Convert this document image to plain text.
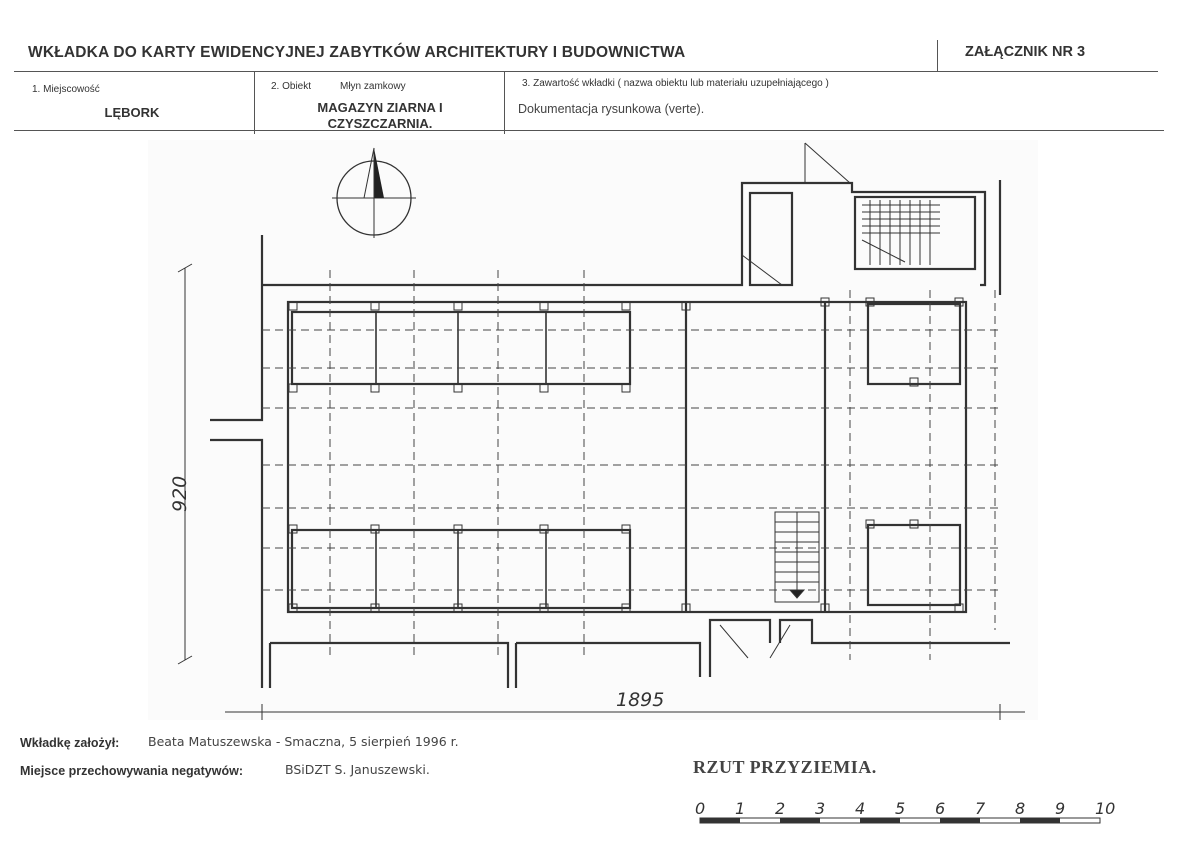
WKŁADKA DO KARTY EWIDENCYJNEJ ZABYTKÓW ARCHITEKTURY I BUDOWNICTWA	ZAŁĄCZNIK NR 3
1. Miejscowość
LĘBORK
2. Obiekt	Młyn zamkowy
MAGAZYN ZIARNA I
CZYSZCZARNIA.
3. Zawartość wkładki ( nazwa obiektu lub materiału uzupełniającego )
Dokumentacja rysunkowa (verte).
920
1895
0 1 2 3 4 5 6 7 8 9 10
RZUT PRZYZIEMIA.
Wkładkę założył: Beata Matuszewska - Smaczna, 5 sierpień 1996 r.
Miejsce przechowywania negatywów:	BSiDZT S. Januszewski.
